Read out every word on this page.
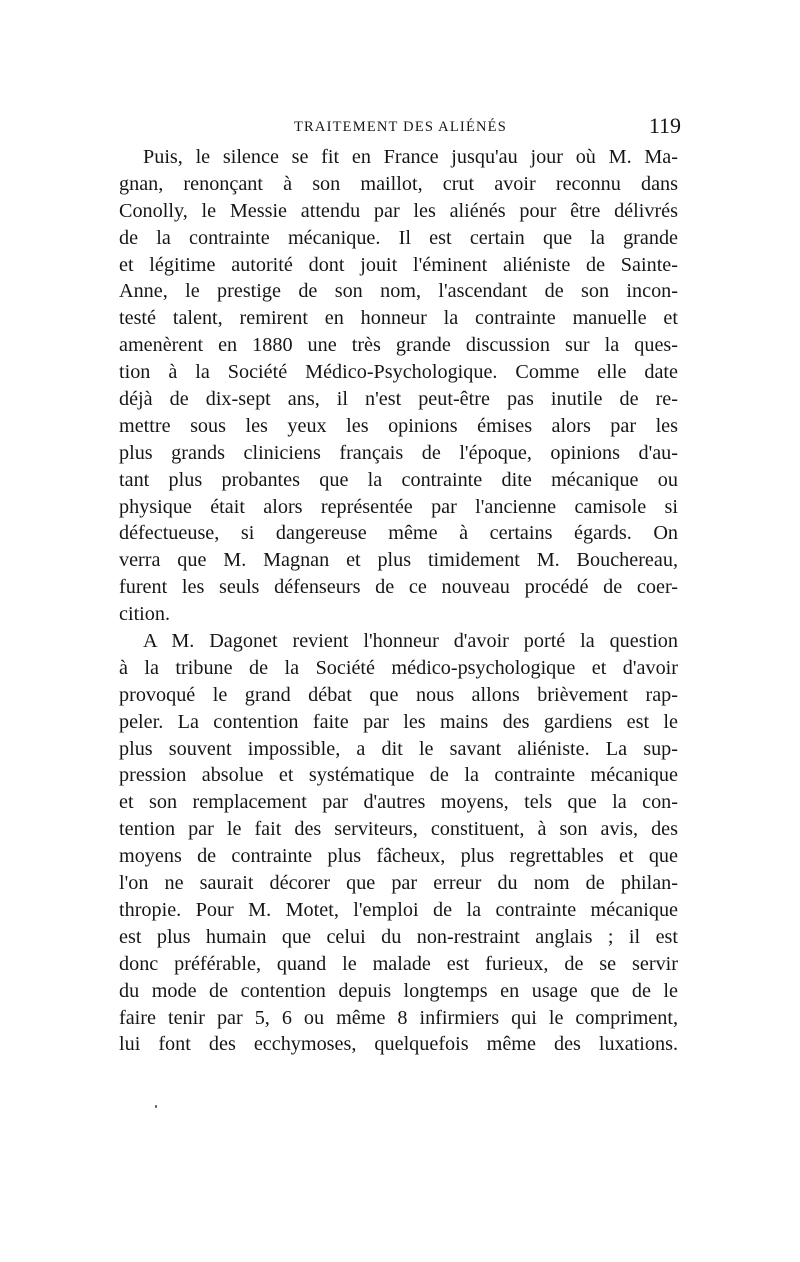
TRAITEMENT DES ALIÉNÉS	119
Puis, le silence se fit en France jusqu'au jour où M. Ma-
gnan, renonçant à son maillot, crut avoir reconnu dans
Conolly, le Messie attendu par les aliénés pour être délivrés
de la contrainte mécanique. Il est certain que la grande
et légitime autorité dont jouit l'éminent aliéniste de Sainte-
Anne, le prestige de son nom, l'ascendant de son incon-
testé talent, remirent en honneur la contrainte manuelle et
amenèrent en 1880 une très grande discussion sur la ques-
tion à la Société Médico-Psychologique. Comme elle date
déjà de dix-sept ans, il n'est peut-être pas inutile de re-
mettre sous les yeux les opinions émises alors par les
plus grands cliniciens français de l'époque, opinions d'au-
tant plus probantes que la contrainte dite mécanique ou
physique était alors représentée par l'ancienne camisole si
défectueuse, si dangereuse même à certains égards. On
verra que M. Magnan et plus timidement M. Bouchereau,
furent les seuls défenseurs de ce nouveau procédé de coer-
cition.
A M. Dagonet revient l'honneur d'avoir porté la question
à la tribune de la Société médico-psychologique et d'avoir
provoqué le grand débat que nous allons brièvement rap-
peler. La contention faite par les mains des gardiens est le
plus souvent impossible, a dit le savant aliéniste. La sup-
pression absolue et systématique de la contrainte mécanique
et son remplacement par d'autres moyens, tels que la con-
tention par le fait des serviteurs, constituent, à son avis, des
moyens de contrainte plus fâcheux, plus regrettables et que
l'on ne saurait décorer que par erreur du nom de philan-
thropie. Pour M. Motet, l'emploi de la contrainte mécanique
est plus humain que celui du non-restraint anglais ; il est
donc préférable, quand le malade est furieux, de se servir
du mode de contention depuis longtemps en usage que de le
faire tenir par 5, 6 ou même 8 infirmiers qui le compriment,
lui font des ecchymoses, quelquefois même des luxations.
